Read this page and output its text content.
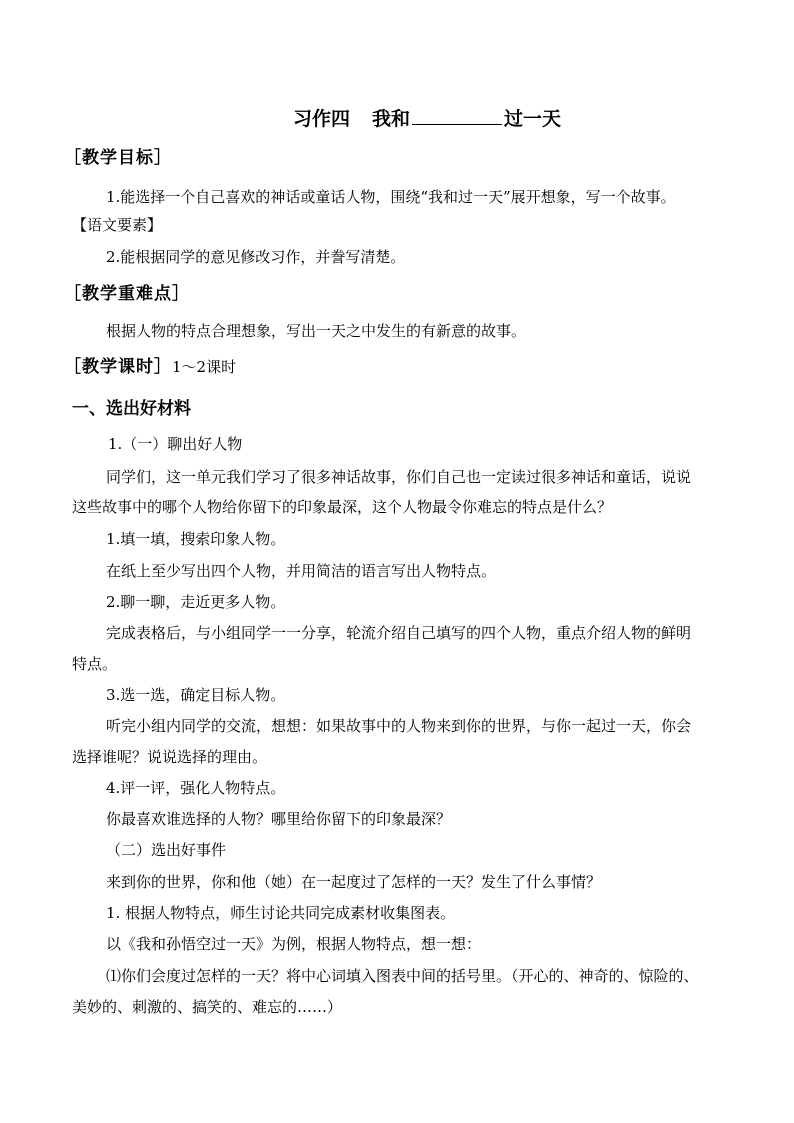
习作四 我和	过一天
［教学目标］
1.能选择一个自己喜欢的神话或童话人物，围绕“我和过一天”展开想象，写一个故事。
【语文要素】
2.能根据同学的意见修改习作，并誊写清楚。
［教学重难点］
根据人物的特点合理想象，写出一天之中发生的有新意的故事。
［教学课时］1～2课时
一、选出好材料
1.（一）聊出好人物
同学们，这一单元我们学习了很多神话故事，你们自己也一定读过很多神话和童话，说说
这些故事中的哪个人物给你留下的印象最深，这个人物最令你难忘的特点是什么？
1.填一填，搜索印象人物。
在纸上至少写出四个人物，并用简洁的语言写出人物特点。
2.聊一聊，走近更多人物。
完成表格后，与小组同学一一分享，轮流介绍自己填写的四个人物，重点介绍人物的鲜明
特点。
3.选一选，确定目标人物。
听完小组内同学的交流，想想：如果故事中的人物来到你的世界，与你一起过一天，你会
选择谁呢？说说选择的理由。
4.评一评，强化人物特点。
你最喜欢谁选择的人物？哪里给你留下的印象最深？
（二）选出好事件
来到你的世界，你和他（她）在一起度过了怎样的一天？发生了什么事情？
1. 根据人物特点，师生讨论共同完成素材收集图表。
以《我和孙悟空过一天》为例，根据人物特点，想一想：
⑴你们会度过怎样的一天？将中心词填入图表中间的括号里。（开心的、神奇的、惊险的、
美妙的、刺激的、搞笑的、难忘的……）
